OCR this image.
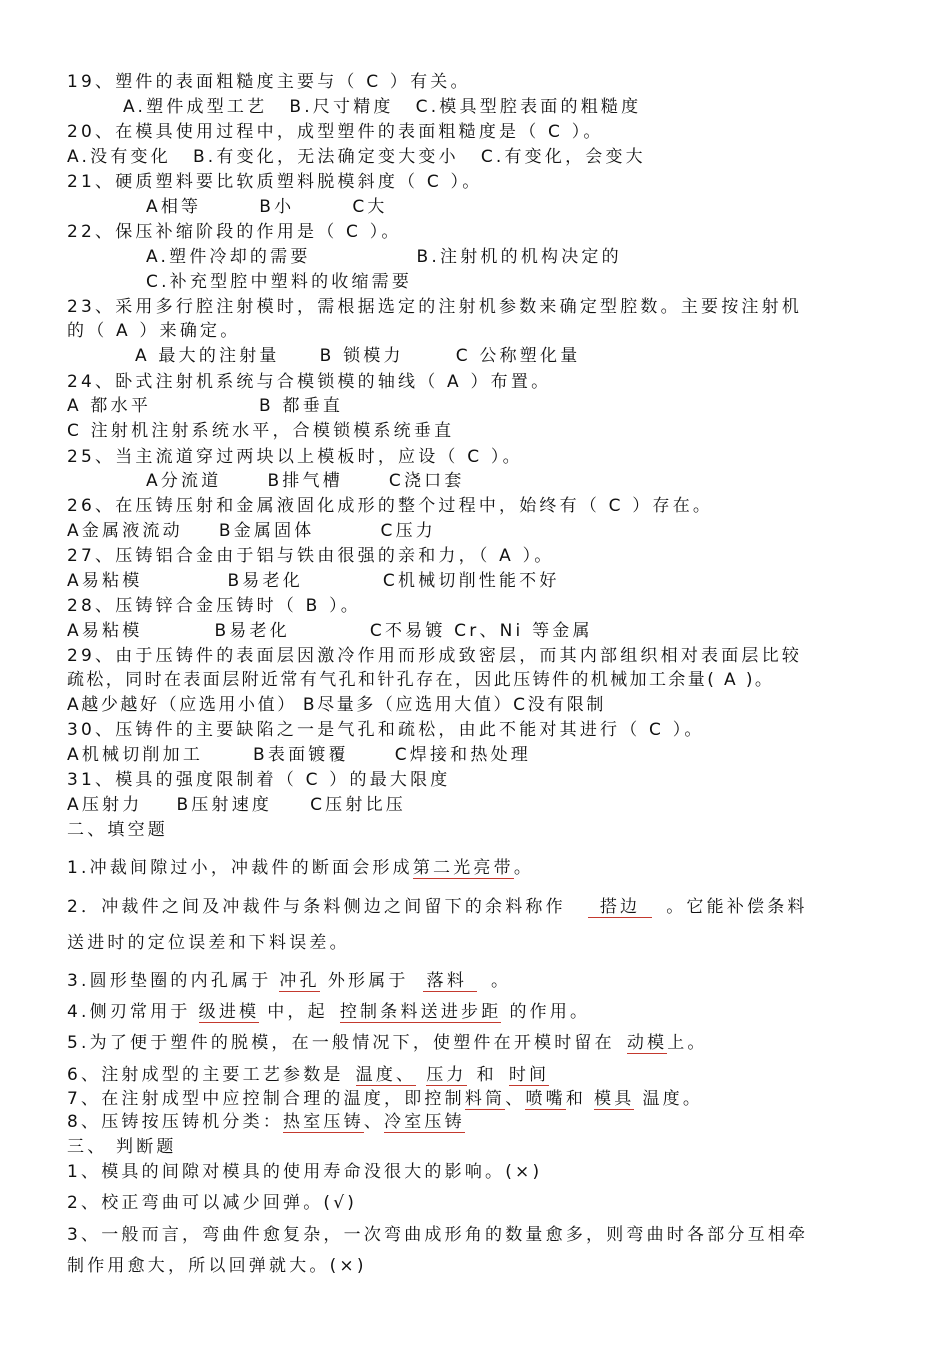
19、塑件的表面粗糙度主要与（ C ）有关。
A.塑件成型工艺 B.尺寸精度 C.模具型腔表面的粗糙度
20、在模具使用过程中，成型塑件的表面粗糙度是（ C ）。
A.没有变化 B.有变化，无法确定变大变小 C.有变化，会变大
21、硬质塑料要比软质塑料脱模斜度（ C ）。
A相等	B小	C大
22、保压补缩阶段的作用是（ C ）。
A.塑件冷却的需要	B.注射机的机构决定的
C.补充型腔中塑料的收缩需要
23、采用多行腔注射模时，需根据选定的注射机参数来确定型腔数。主要按注射机
的（ A ）来确定。
A 最大的注射量 B 锁模力	C 公称塑化量
24、卧式注射机系统与合模锁模的轴线（ A ）布置。
A 都水平	B 都垂直
C 注射机注射系统水平，合模锁模系统垂直
25、当主流道穿过两块以上模板时，应设（ C ）。
A分流道	B排气槽	C浇口套
26、在压铸压射和金属液固化成形的整个过程中，始终有（ C ）存在。
A金属液流动 B金属固体	C压力
27、压铸铝合金由于铝与铁由很强的亲和力，（ A ）。
A易粘模	B易老化	C机械切削性能不好
28、压铸锌合金压铸时（ B ）。
A易粘模	B易老化	C不易镀 Cr、Ni 等金属
29、由于压铸件的表面层因激冷作用而形成致密层，而其内部组织相对表面层比较
疏松，同时在表面层附近常有气孔和针孔存在，因此压铸件的机械加工余量( A )。
A越少越好（应选用小值） B尽量多（应选用大值）C没有限制
30、压铸件的主要缺陷之一是气孔和疏松，由此不能对其进行（ C ）。
A机械切削加工	B表面镀覆	C焊接和热处理
31、模具的强度限制着（ C ）的最大限度
A压射力 B压射速度 C压射比压
二、填空题
1.冲裁间隙过小，冲裁件的断面会形成第二光亮带。
2．冲裁件之间及冲裁件与条料侧边之间留下的余料称作 搭边 。它能补偿条料
送进时的定位误差和下料误差。
3.圆形垫圈的内孔属于 冲孔 外形属于 落料 。
4.侧刃常用于 级进模 中，起 控制条料送进步距 的作用。
5.为了便于塑件的脱模，在一般情况下，使塑件在开模时留在 动模上。
6、注射成型的主要工艺参数是 温度、 压力 和 时间
7、在注射成型中应控制合理的温度，即控制料筒、喷嘴和 模具 温度。
8、压铸按压铸机分类：热室压铸、冷室压铸
三、 判断题
1、模具的间隙对模具的使用寿命没很大的影响。(×)
2、校正弯曲可以减少回弹。(√)
3、一般而言，弯曲件愈复杂，一次弯曲成形角的数量愈多，则弯曲时各部分互相牵
制作用愈大，所以回弹就大。(×)
